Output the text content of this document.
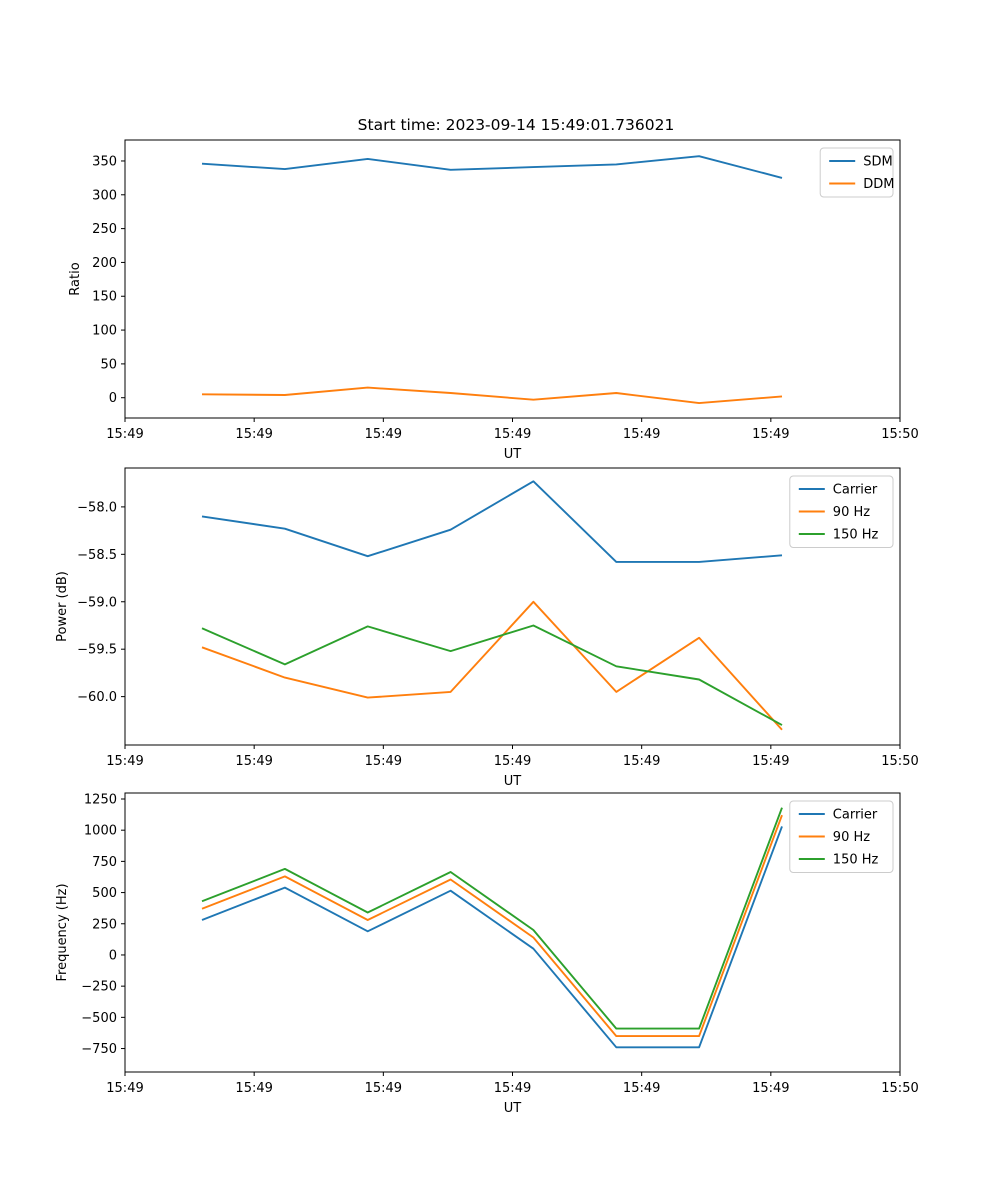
Start time: 2023-09-14 15:49:01.736021
15:49	15:49	15:49	15:49	15:49	15:49	15:50
350
300
250
200
150
100
50
0
SDM
DDM
Ratio
UT
15:49	15:49	15:49	15:49	15:49	15:49	15:50
−58.0
−58.5
−59.0
−59.5
−60.0
Carrier
90 Hz
150 Hz
Power (dB)
UT
15:49	15:49	15:49	15:49	15:49	15:49	15:50
1250
1000
750
500
250
0
−250
−500
−750
Carrier
90 Hz
150 Hz
Frequency (Hz)
UT
